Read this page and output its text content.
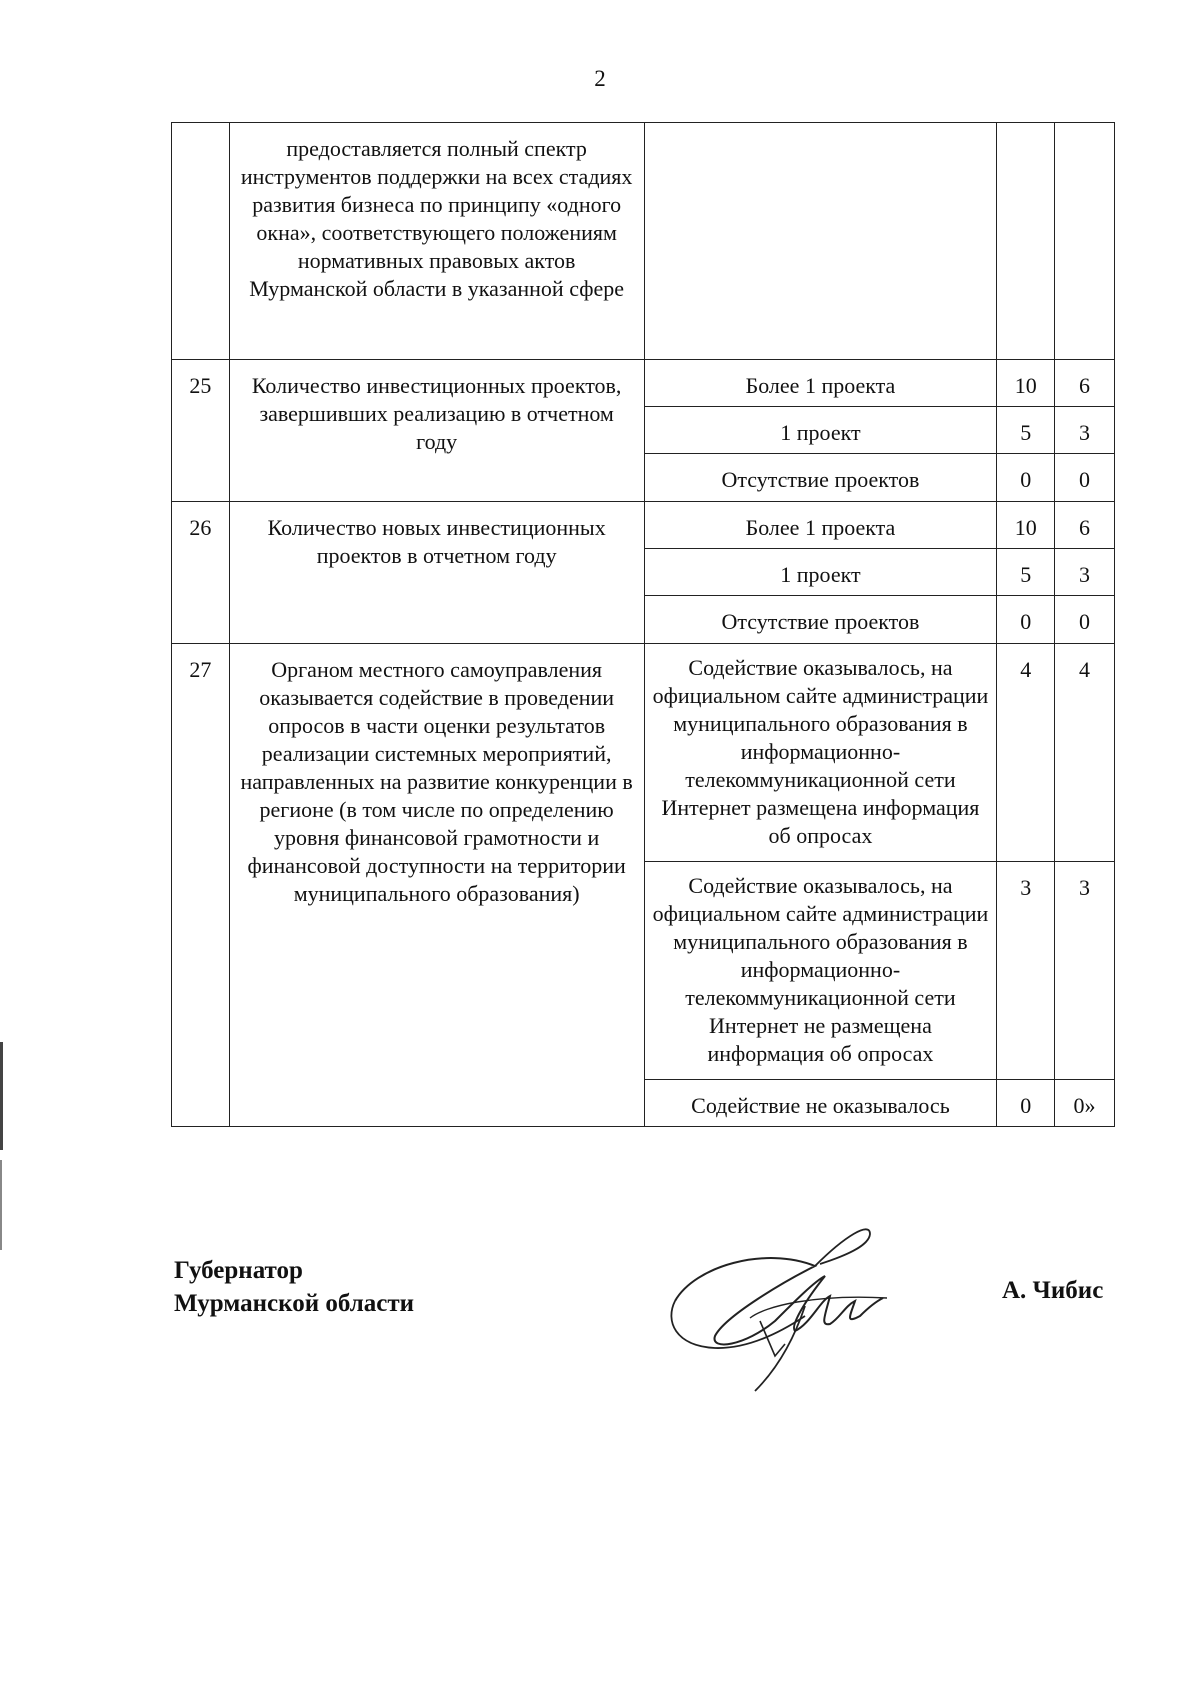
2
	предоставляется полный спектр инструментов поддержки на всех стадиях развития бизнеса по принципу «одного окна», соответствующего положениям нормативных правовых актов Мурманской области в указанной сфере			
25	Количество инвестиционных проектов, завершивших реализацию в отчетном году	Более 1 проекта	10	6
		1 проект	5	3
		Отсутствие проектов	0	0
26	Количество новых инвестиционных проектов в отчетном году	Более 1 проекта	10	6
		1 проект	5	3
		Отсутствие проектов	0	0
27	Органом местного самоуправления оказывается содействие в проведении опросов в части оценки результатов реализации системных мероприятий, направленных на развитие конкуренции в регионе (в том числе по определению уровня финансовой грамотности и финансовой доступности на территории муниципального образования)	Содействие оказывалось, на официальном сайте администрации муниципального образования в информационно-телекоммуникационной сети Интернет размещена информация об опросах	4	4
		Содействие оказывалось, на официальном сайте администрации муниципального образования в информационно-телекоммуникационной сети Интернет не размещена информация об опросах	3	3
		Содействие не оказывалось	0	0»
Губернатор
Мурманской области	А. Чибис
